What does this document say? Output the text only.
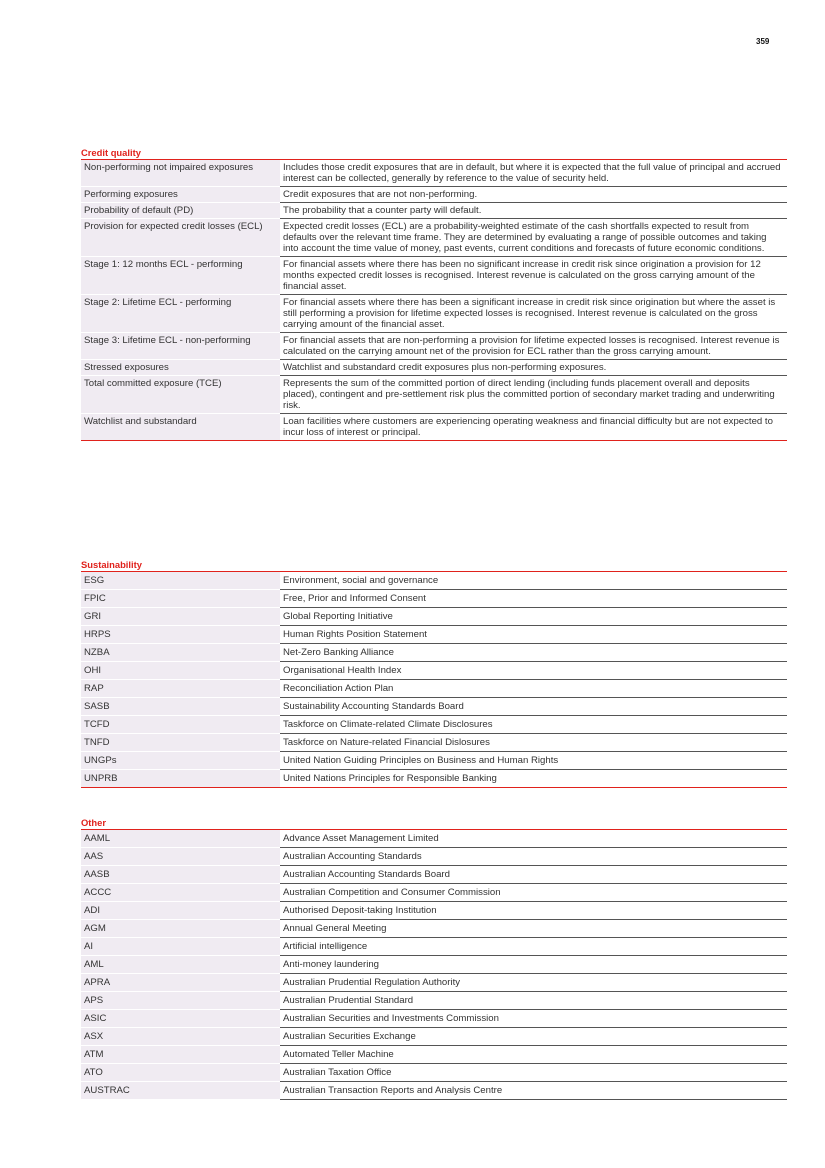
359
Credit quality
Non-performing not impaired exposures	Includes those credit exposures that are in default, but where it is expected that the full value of principal and accrued interest can be collected, generally by reference to the value of security held.
Performing exposures	Credit exposures that are not non-performing.
Probability of default (PD)	The probability that a counter party will default.
Provision for expected credit losses (ECL)	Expected credit losses (ECL) are a probability-weighted estimate of the cash shortfalls expected to result from defaults over the relevant time frame. They are determined by evaluating a range of possible outcomes and taking into account the time value of money, past events, current conditions and forecasts of future economic conditions.
Stage 1: 12 months ECL - performing	For financial assets where there has been no significant increase in credit risk since origination a provision for 12 months expected credit losses is recognised. Interest revenue is calculated on the gross carrying amount of the financial asset.
Stage 2: Lifetime ECL - performing	For financial assets where there has been a significant increase in credit risk since origination but where the asset is still performing a provision for lifetime expected losses is recognised. Interest revenue is calculated on the gross carrying amount of the financial asset.
Stage 3: Lifetime ECL - non-performing	For financial assets that are non-performing a provision for lifetime expected losses is recognised. Interest revenue is calculated on the carrying amount net of the provision for ECL rather than the gross carrying amount.
Stressed exposures	Watchlist and substandard credit exposures plus non-performing exposures.
Total committed exposure (TCE)	Represents the sum of the committed portion of direct lending (including funds placement overall and deposits placed), contingent and pre-settlement risk plus the committed portion of secondary market trading and underwriting risk.
Watchlist and substandard	Loan facilities where customers are experiencing operating weakness and financial difficulty but are not expected to incur loss of interest or principal.
Sustainability
ESG	Environment, social and governance
FPIC	Free, Prior and Informed Consent
GRI	Global Reporting Initiative
HRPS	Human Rights Position Statement
NZBA	Net-Zero Banking Alliance
OHI	Organisational Health Index
RAP	Reconciliation Action Plan
SASB	Sustainability Accounting Standards Board
TCFD	Taskforce on Climate-related Climate Disclosures
TNFD	Taskforce on Nature-related Financial Dislosures
UNGPs	United Nation Guiding Principles on Business and Human Rights
UNPRB	United Nations Principles for Responsible Banking
Other
AAML	Advance Asset Management Limited
AAS	Australian Accounting Standards
AASB	Australian Accounting Standards Board
ACCC	Australian Competition and Consumer Commission
ADI	Authorised Deposit-taking Institution
AGM	Annual General Meeting
AI	Artificial intelligence
AML	Anti-money laundering
APRA	Australian Prudential Regulation Authority
APS	Australian Prudential Standard
ASIC	Australian Securities and Investments Commission
ASX	Australian Securities Exchange
ATM	Automated Teller Machine
ATO	Australian Taxation Office
AUSTRAC	Australian Transaction Reports and Analysis Centre
